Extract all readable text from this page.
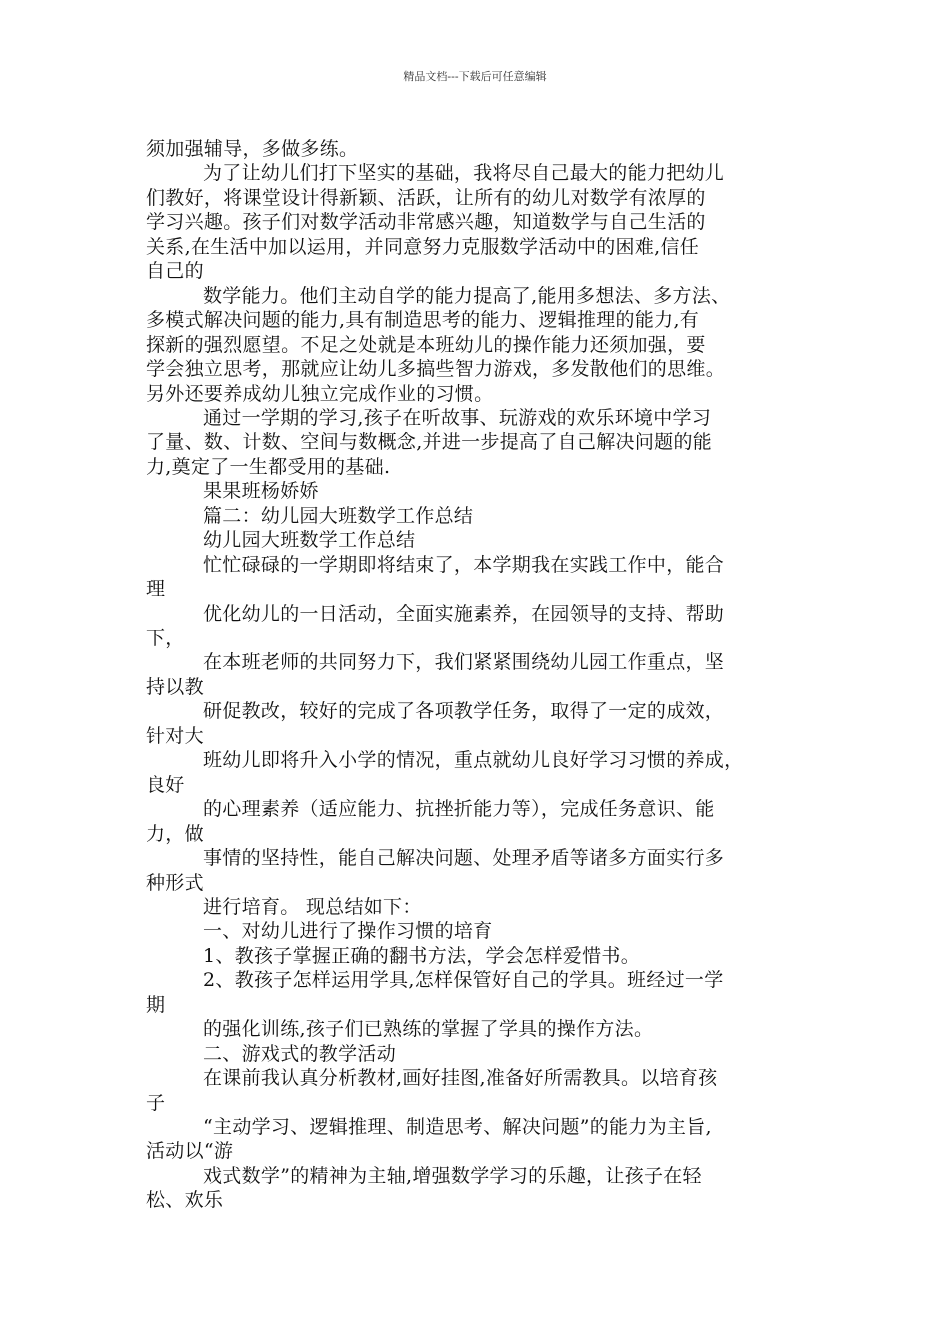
精品文档---下载后可任意编辑
须加强辅导，多做多练。
为了让幼儿们打下坚实的基础，我将尽自己最大的能力把幼儿
们教好，将课堂设计得新颖、活跃，让所有的幼儿对数学有浓厚的
学习兴趣。孩子们对数学活动非常感兴趣，知道数学与自己生活的
关系,在生活中加以运用，并同意努力克服数学活动中的困难,信任
自己的
数学能力。他们主动自学的能力提高了,能用多想法、多方法、
多模式解决问题的能力,具有制造思考的能力、逻辑推理的能力,有
探新的强烈愿望。不足之处就是本班幼儿的操作能力还须加强，要
学会独立思考，那就应让幼儿多搞些智力游戏，多发散他们的思维。
另外还要养成幼儿独立完成作业的习惯。
通过一学期的学习,孩子在听故事、玩游戏的欢乐环境中学习
了量、数、计数、空间与数概念,并进一步提高了自己解决问题的能
力,奠定了一生都受用的基础.
果果班杨娇娇
篇二：幼儿园大班数学工作总结
幼儿园大班数学工作总结
忙忙碌碌的一学期即将结束了，本学期我在实践工作中，能合
理
优化幼儿的一日活动，全面实施素养，在园领导的支持、帮助
下，
在本班老师的共同努力下，我们紧紧围绕幼儿园工作重点，坚
持以教
研促教改，较好的完成了各项教学任务，取得了一定的成效，
针对大
班幼儿即将升入小学的情况，重点就幼儿良好学习习惯的养成，
良好
的心理素养（适应能力、抗挫折能力等），完成任务意识、能
力，做
事情的坚持性，能自己解决问题、处理矛盾等诸多方面实行多
种形式
进行培育。 现总结如下：
一、对幼儿进行了操作习惯的培育
1、教孩子掌握正确的翻书方法，学会怎样爱惜书。
2、教孩子怎样运用学具,怎样保管好自己的学具。班经过一学
期
的强化训练,孩子们已熟练的掌握了学具的操作方法。
二、游戏式的教学活动
在课前我认真分析教材,画好挂图,准备好所需教具。以培育孩
子
“主动学习、逻辑推理、制造思考、解决问题”的能力为主旨,
活动以“游
戏式数学”的精神为主轴,增强数学学习的乐趣，让孩子在轻
松、欢乐
